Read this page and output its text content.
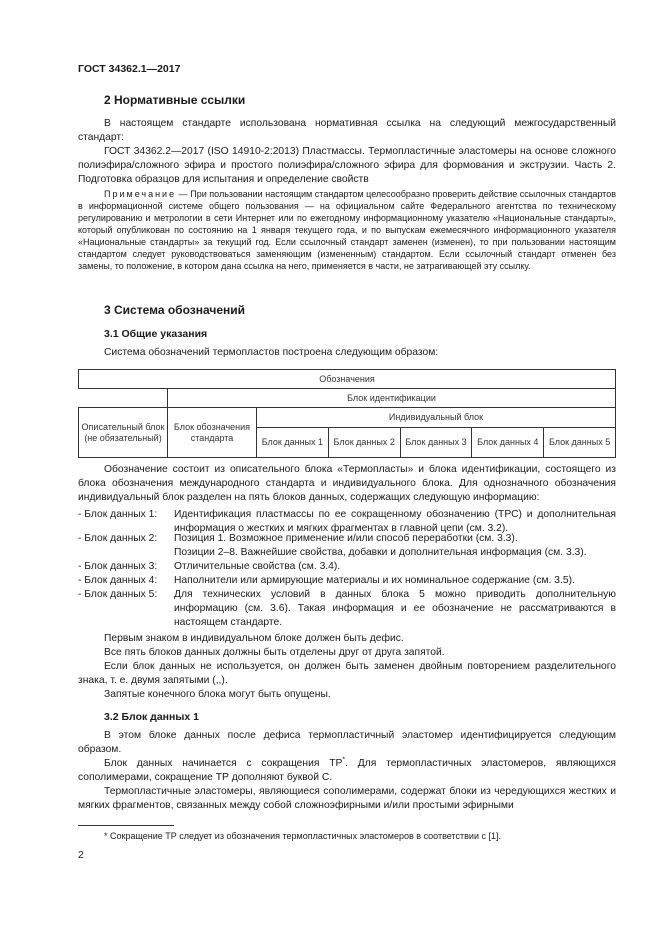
ГОСТ 34362.1—2017
2 Нормативные ссылки
В настоящем стандарте использована нормативная ссылка на следующий межгосударственный стандарт:
ГОСТ 34362.2—2017 (ISO 14910-2:2013) Пластмассы. Термопластичные эластомеры на основе сложного полиэфира/сложного эфира и простого полиэфира/сложного эфира для формования и экструзии. Часть 2. Подготовка образцов для испытания и определение свойств
Примечание — При пользовании настоящим стандартом целесообразно проверить действие ссылочных стандартов в информационной системе общего пользования — на официальном сайте Федерального агентства по техническому регулированию и метрологии в сети Интернет или по ежегодному информационному указателю «Национальные стандарты», который опубликован по состоянию на 1 января текущего года, и по выпускам ежемесячного информационного указателя «Национальные стандарты» за текущий год. Если ссылочный стандарт заменен (изменен), то при пользовании настоящим стандартом следует руководствоваться заменяющим (измененным) стандартом. Если ссылочный стандарт отменен без замены, то положение, в котором дана ссылка на него, применяется в части, не затрагивающей эту ссылку.
3 Система обозначений
3.1 Общие указания
Система обозначений термопластов построена следующим образом:
Обозначения						
	Блок идентификации					
Описательный блок (не обязательный)	Блок обозначения стандарта	Индивидуальный блок				
		Блок данных 1	Блок данных 2	Блок данных 3	Блок данных 4	Блок данных 5
Обозначение состоит из описательного блока «Термопласты» и блока идентификации, состоящего из блока обозначения международного стандарта и индивидуального блока. Для однозначного обозначения индивидуальный блок разделен на пять блоков данных, содержащих следующую информацию:
- Блок данных 1: Идентификация пластмассы по ее сокращенному обозначению (ТРС) и дополнительная информация о жестких и мягких фрагментах в главной цепи (см. 3.2).
- Блок данных 2: Позиция 1. Возможное применение и/или способ переработки (см. 3.3).
Позиции 2–8. Важнейшие свойства, добавки и дополнительная информация (см. 3.3).
- Блок данных 3: Отличительные свойства (см. 3.4).
- Блок данных 4: Наполнители или армирующие материалы и их номинальное содержание (см. 3.5).
- Блок данных 5: Для технических условий в данных блока 5 можно приводить дополнительную информацию (см. 3.6). Такая информация и ее обозначение не рассматриваются в настоящем стандарте.
Первым знаком в индивидуальном блоке должен быть дефис.
Все пять блоков данных должны быть отделены друг от друга запятой.
Если блок данных не используется, он должен быть заменен двойным повторением разделительного знака, т. е. двумя запятыми (,,).
Запятые конечного блока могут быть опущены.
3.2 Блок данных 1
В этом блоке данных после дефиса термопластичный эластомер идентифицируется следующим образом.
Блок данных начинается с сокращения ТР*. Для термопластичных эластомеров, являющихся сополимерами, сокращение ТР дополняют буквой С.
Термопластичные эластомеры, являющиеся сополимерами, содержат блоки из чередующихся жестких и мягких фрагментов, связанных между собой сложноэфирными и/или простыми эфирными
* Сокращение ТР следует из обозначения термопластичных эластомеров в соответствии с [1].
2
